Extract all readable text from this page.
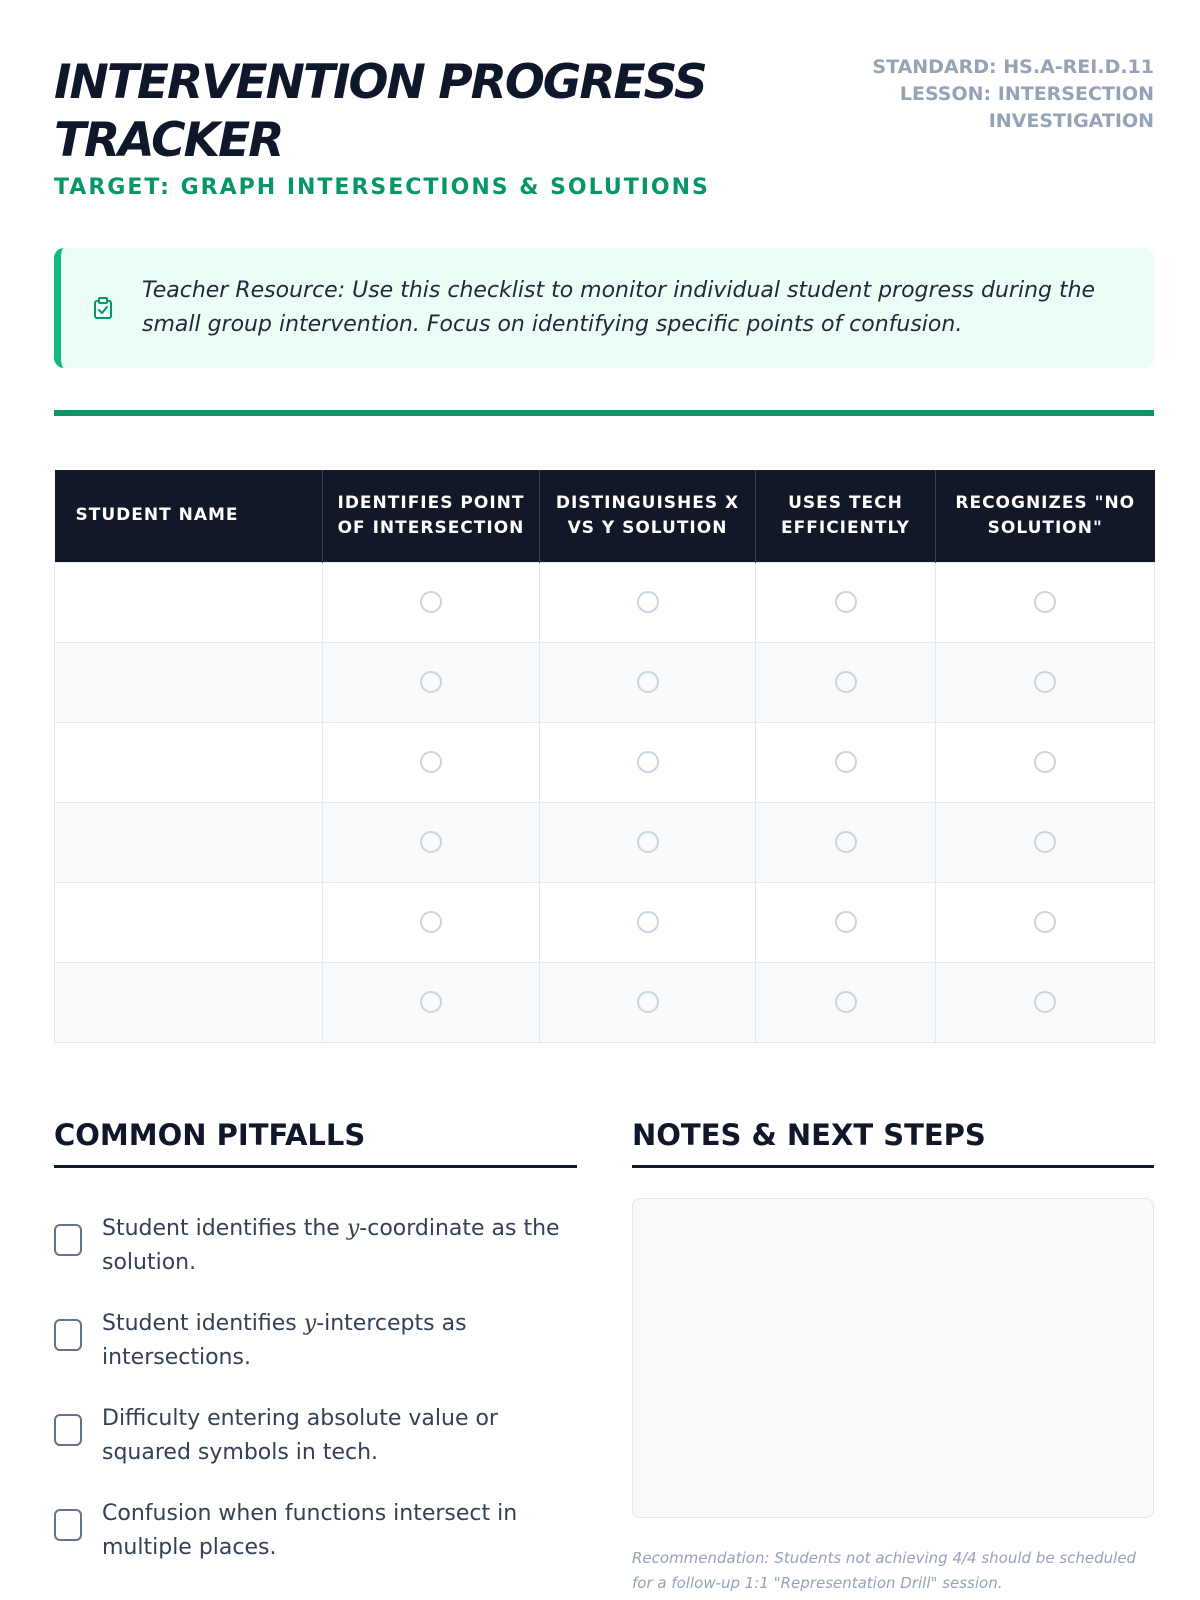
INTERVENTION PROGRESS TRACKER
TARGET: GRAPH INTERSECTIONS & SOLUTIONS
STANDARD: HS.A-REI.D.11
LESSON: INTERSECTION INVESTIGATION

Teacher Resource: Use this checklist to monitor individual student progress during the small group intervention. Focus on identifying specific points of confusion.

STUDENT NAME	IDENTIFIES POINT OF INTERSECTION	DISTINGUISHES X VS Y SOLUTION	USES TECH EFFICIENTLY	RECOGNIZES "NO SOLUTION"

COMMON PITFALLS
Student identifies the y-coordinate as the solution.
Student identifies y-intercepts as intersections.
Difficulty entering absolute value or squared symbols in tech.
Confusion when functions intersect in multiple places.
NOTES & NEXT STEPS

Recommendation: Students not achieving 4/4 should be scheduled for a follow-up 1:1 "Representation Drill" session.
